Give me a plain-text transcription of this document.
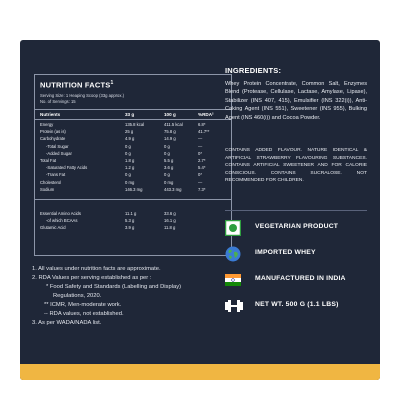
NUTRITION FACTS$^1$
Serving Size: 1 Heaping Scoop (33g approx.)
No. of Servings: 15
Nutrients	33 g	100 g	%RDA²
Energy	135.8 kcal	411.5 kcal	6.8*
Protein (as is)	25 g	75.8 g	41.7**
Carbohydrate	4.9 g	14.9 g	—
-Total Sugar	0 g	0 g	—
-Added Sugar	0 g	0 g	0*
Total Fat	1.8 g	5.5 g	2.7*
-Saturated Fatty Acids	1.2 g	3.6 g	5.4*
-Trans Fat	0 g	0 g	0*
Cholesterol	0 mg	0 mg	—
Sodium	146.3 mg	443.3 mg	7.3*
Essential Amino Acids	11.1 g	33.6 g
-of which BCAAs	5.3 g	16.1 g
Glutamic Acid	3.9 g	11.8 g
1. All values under nutrition facts are approximate.
2. RDA Values per serving established as per :
* Food Safety and Standards (Labelling and Display)
Regulations, 2020.
** ICMR, Men-moderate work.
-- RDA values, not established.
3. As per WADA/NADA list.
INGREDIENTS:
Whey Protein Concentrate, Common Salt, Enzymes Blend (Protease, Cellulase, Lactase, Amylase, Lipase), Stabilizer (INS 407, 415), Emulsifier (INS 322(i)), Anti-Caking Agent (INS 551), Sweetener (INS 955), Bulking Agent (INS 460(i)) and Cocoa Powder.
CONTAINS ADDED FLAVOUR. NATURE IDENTICAL & ARTIFICIAL STRAWBERRY FLAVOURING SUBSTANCES. CONTAINS ARTIFICIAL SWEETENER AND FOR CALORIE CONSCIOUS. CONTAINS SUCRALOSE. NOT RECOMMENDED FOR CHILDREN.
VEGETARIAN PRODUCT
IMPORTED WHEY
MANUFACTURED IN INDIA
NET WT. 500 G (1.1 LBS)
